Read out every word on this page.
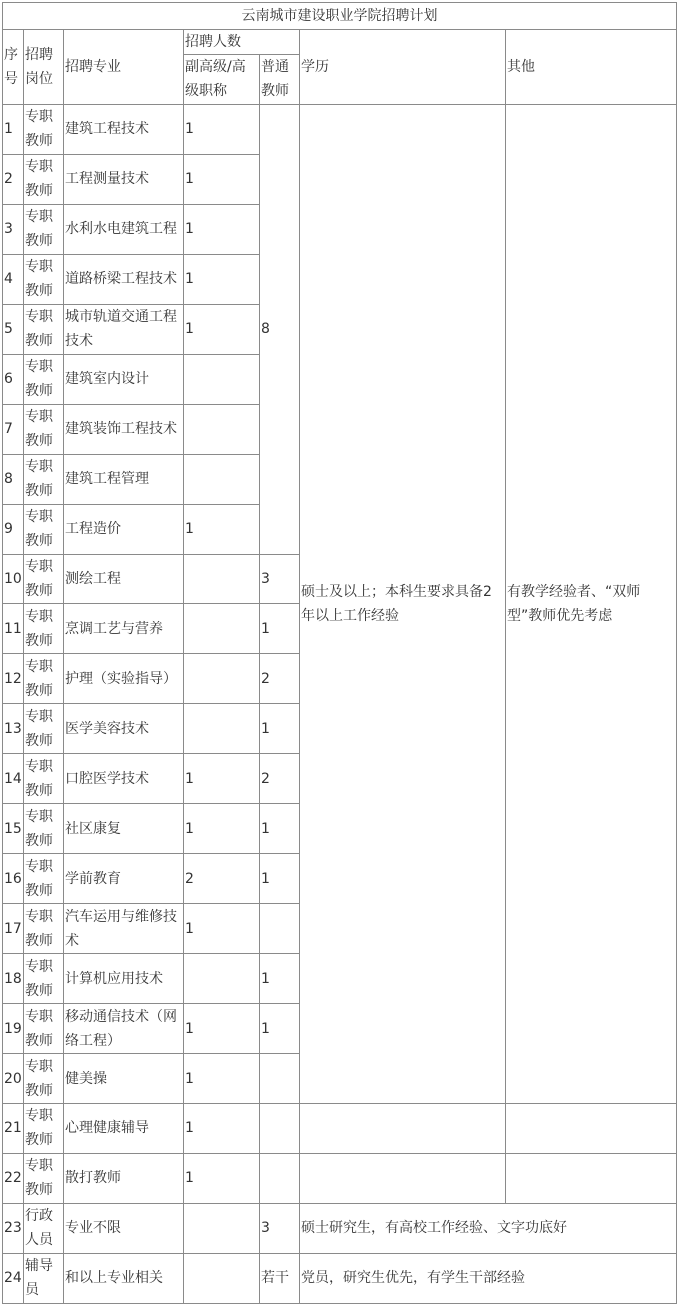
云南城市建设职业学院招聘计划						
序号	招聘岗位	招聘专业	招聘人数		学历	其他
			副高级/高级职称	普通教师		
1	专职教师	建筑工程技术	1	8	硕士及以上；本科生要求具备2年以上工作经验	有教学经验者、“双师型”教师优先考虑
2	专职教师	工程测量技术	1			
3	专职教师	水利水电建筑工程	1			
4	专职教师	道路桥梁工程技术	1			
5	专职教师	城市轨道交通工程技术	1			
6	专职教师	建筑室内设计				
7	专职教师	建筑装饰工程技术				
8	专职教师	建筑工程管理				
9	专职教师	工程造价	1			
10	专职教师	测绘工程		3		
11	专职教师	烹调工艺与营养		1		
12	专职教师	护理（实验指导）		2		
13	专职教师	医学美容技术		1		
14	专职教师	口腔医学技术	1	2		
15	专职教师	社区康复	1	1		
16	专职教师	学前教育	2	1		
17	专职教师	汽车运用与维修技术	1			
18	专职教师	计算机应用技术		1		
19	专职教师	移动通信技术（网络工程）	1	1		
20	专职教师	健美操	1			
21	专职教师	心理健康辅导	1			
22	专职教师	散打教师	1			
23	行政人员	专业不限		3	硕士研究生，有高校工作经验、文字功底好	
24	辅导员	和以上专业相关		若干	党员，研究生优先，有学生干部经验	
